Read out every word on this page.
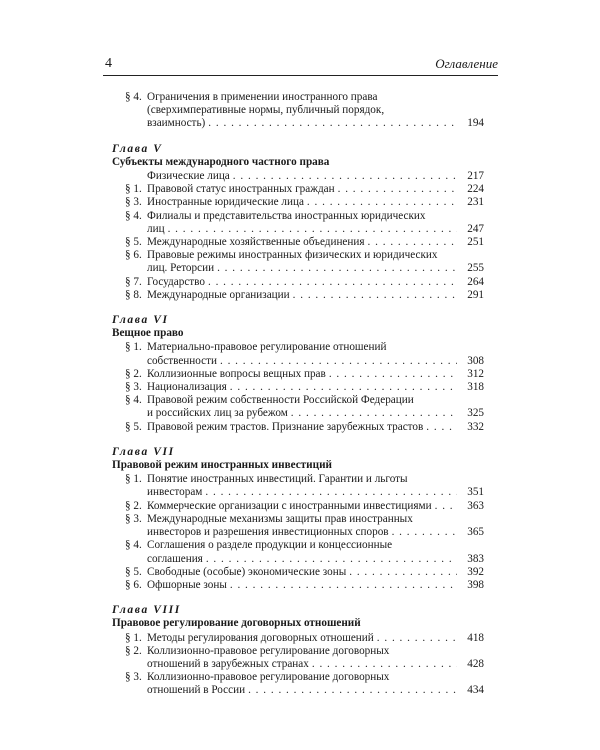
4	Оглавление
§ 4. Ограничения в применении иностранного права
(сверхимперативные нормы, публичный порядок,
взаимность) . . .	194
Глава V
Субъекты международного частного права
Физические лица . . .	217
§ 1. Правовой статус иностранных граждан . . .	224
§ 3. Иностранные юридические лица . . .	231
§ 4. Филиалы и представительства иностранных юридических
лиц . . .	247
§ 5. Международные хозяйственные объединения . . .	251
§ 6. Правовые режимы иностранных физических и юридических
лиц. Реторсии . . .	255
§ 7. Государство . . .	264
§ 8. Международные организации . . .	291
Глава VI
Вещное право
§ 1. Материально-правовое регулирование отношений
собственности . . .	308
§ 2. Коллизионные вопросы вещных прав . . .	312
§ 3. Национализация . . .	318
§ 4. Правовой режим собственности Российской Федерации
и российских лиц за рубежом . . .	325
§ 5. Правовой режим трастов. Признание зарубежных трастов . . .	332
Глава VII
Правовой режим иностранных инвестиций
§ 1. Понятие иностранных инвестиций. Гарантии и льготы
инвесторам . . .	351
§ 2. Коммерческие организации с иностранными инвестициями . . .	363
§ 3. Международные механизмы защиты прав иностранных
инвесторов и разрешения инвестиционных споров . . .	365
§ 4. Соглашения о разделе продукции и концессионные
соглашения . . .	383
§ 5. Свободные (особые) экономические зоны . . .	392
§ 6. Офшорные зоны . . .	398
Глава VIII
Правовое регулирование договорных отношений
§ 1. Методы регулирования договорных отношений . . .	418
§ 2. Коллизионно-правовое регулирование договорных
отношений в зарубежных странах . . .	428
§ 3. Коллизионно-правовое регулирование договорных
отношений в России . . .	434
